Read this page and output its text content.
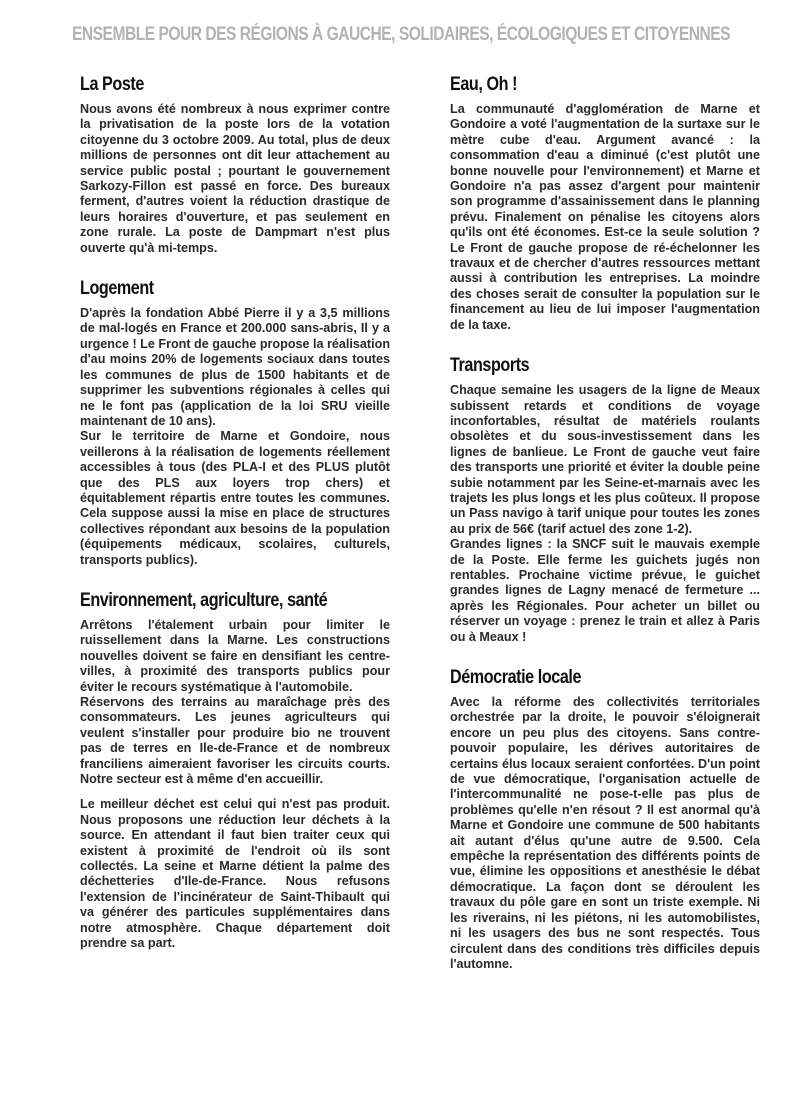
ENSEMBLE POUR DES RÉGIONS À GAUCHE, SOLIDAIRES, ÉCOLOGIQUES ET CITOYENNES
La Poste

Nous avons été nombreux à nous exprimer contre la privatisation de la poste lors de la votation citoyenne du 3 octobre 2009. Au total, plus de deux millions de personnes ont dit leur attachement au service public postal ; pourtant le gouvernement Sarkozy-Fillon est passé en force. Des bureaux ferment, d'autres voient la réduction drastique de leurs horaires d'ouverture, et pas seulement en zone rurale. La poste de Dampmart n'est plus ouverte qu'à mi-temps.

Logement

D'après la fondation Abbé Pierre il y a 3,5 millions de mal-logés en France et 200.000 sans-abris, Il y a urgence ! Le Front de gauche propose la réalisation d'au moins 20% de logements sociaux dans toutes les communes de plus de 1500 habitants et de supprimer les subventions régionales à celles qui ne le font pas (application de la loi SRU vieille maintenant de 10 ans).

Sur le territoire de Marne et Gondoire, nous veillerons à la réalisation de logements réellement accessibles à tous (des PLA-I et des PLUS plutôt que des PLS aux loyers trop chers) et équitablement répartis entre toutes les communes. Cela suppose aussi la mise en place de structures collectives répondant aux besoins de la population (équipements médicaux, scolaires, culturels, transports publics).

Environnement, agriculture, santé

Arrêtons l'étalement urbain pour limiter le ruissellement dans la Marne. Les constructions nouvelles doivent se faire en densifiant les centre-villes, à proximité des transports publics pour éviter le recours systématique à l'automobile.

Réservons des terrains au maraîchage près des consommateurs. Les jeunes agriculteurs qui veulent s'installer pour produire bio ne trouvent pas de terres en Ile-de-France et de nombreux franciliens aimeraient favoriser les circuits courts. Notre secteur est à même d'en accueillir.

Le meilleur déchet est celui qui n'est pas produit. Nous proposons une réduction leur déchets à la source. En attendant il faut bien traiter ceux qui existent à proximité de l'endroit où ils sont collectés. La seine et Marne détient la palme des déchetteries d'Ile-de-France. Nous refusons l'extension de l'incinérateur de Saint-Thibault qui va générer des particules supplémentaires dans notre atmosphère. Chaque département doit prendre sa part.

Eau, Oh !

La communauté d'agglomération de Marne et Gondoire a voté l'augmentation de la surtaxe sur le mètre cube d'eau. Argument avancé : la consommation d'eau a diminué (c'est plutôt une bonne nouvelle pour l'environnement) et Marne et Gondoire n'a pas assez d'argent pour maintenir son programme d'assainissement dans le planning prévu. Finalement on pénalise les citoyens alors qu'ils ont été économes. Est-ce la seule solution ? Le Front de gauche propose de ré-échelonner les travaux et de chercher d'autres ressources mettant aussi à contribution les entreprises. La moindre des choses serait de consulter la population sur le financement au lieu de lui imposer l'augmentation de la taxe.

Transports

Chaque semaine les usagers de la ligne de Meaux subissent retards et conditions de voyage inconfortables, résultat de matériels roulants obsolètes et du sous-investissement dans les lignes de banlieue. Le Front de gauche veut faire des transports une priorité et éviter la double peine subie notamment par les Seine-et-marnais avec les trajets les plus longs et les plus coûteux. Il propose un Pass navigo à tarif unique pour toutes les zones au prix de 56€ (tarif actuel des zone 1-2).

Grandes lignes : la SNCF suit le mauvais exemple de la Poste. Elle ferme les guichets jugés non rentables. Prochaine victime prévue, le guichet grandes lignes de Lagny menacé de fermeture ... après les Régionales. Pour acheter un billet ou réserver un voyage : prenez le train et allez à Paris ou à Meaux !

Démocratie locale

Avec la réforme des collectivités territoriales orchestrée par la droite, le pouvoir s'éloignerait encore un peu plus des citoyens. Sans contre-pouvoir populaire, les dérives autoritaires de certains élus locaux seraient confortées. D'un point de vue démocratique, l'organisation actuelle de l'intercommunalité ne pose-t-elle pas plus de problèmes qu'elle n'en résout ? Il est anormal qu'à Marne et Gondoire une commune de 500 habitants ait autant d'élus qu'une autre de 9.500. Cela empêche la représentation des différents points de vue, élimine les oppositions et anesthésie le débat démocratique. La façon dont se déroulent les travaux du pôle gare en sont un triste exemple. Ni les riverains, ni les piétons, ni les automobilistes, ni les usagers des bus ne sont respectés. Tous circulent dans des conditions très difficiles depuis l'automne.
